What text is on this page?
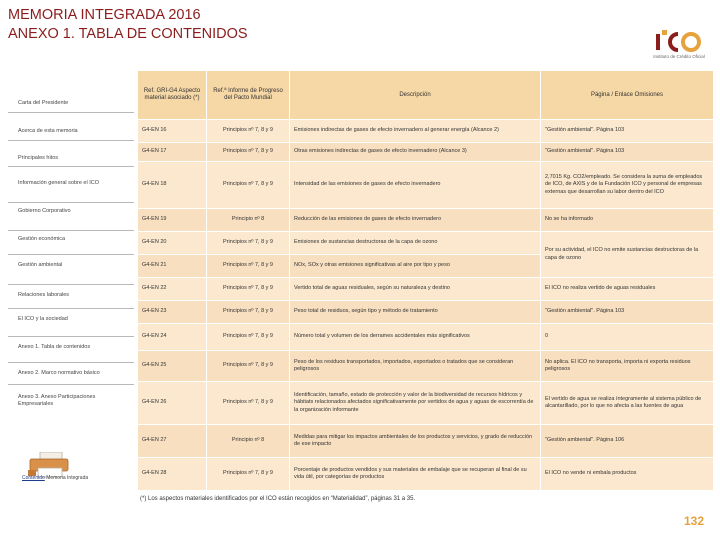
MEMORIA INTEGRADA 2016
ANEXO 1. TABLA DE CONTENIDOS
Instituto de Crédito Oficial
Carta del Presidente
Acerca de esta memoria
Principales hitos
Información general sobre el ICO
Gobierno Corporativo
Gestión económica
Gestión ambiental
Relaciones laborales
El ICO y la sociedad
Anexo 1. Tabla de contenidos
Anexo 2. Marco normativo básico
Anexo 3. Anexo Participaciones Empresariales
Contenido Memoria Integrada
Ref. GRI-G4 Aspecto material asociado (*)	Ref.ª Informe de Progreso del Pacto Mundial	Descripción	Página / Enlace Omisiones
G4-EN 16	Principios nº 7, 8 y 9	Emisiones indirectas de gases de efecto invernadero al generar energía (Alcance 2)	"Gestión ambiental". Página 103
G4-EN 17	Principios nº 7, 8 y 9	Otras emisiones indirectas de gases de efecto invernadero (Alcance 3)	"Gestión ambiental". Página 103
G4-EN 18	Principios nº 7, 8 y 9	Intensidad de las emisiones de gases de efecto invernadero	2,7015 Kg. CO2/empleado. Se considera la suma de empleados de ICO, de AXIS y de la Fundación ICO y personal de empresas externas que desarrollan su labor dentro del ICO
G4-EN 19	Principio nº 8	Reducción de las emisiones de gases de efecto invernadero	No se ha informado
G4-EN 20	Principios nº 7, 8 y 9	Emisiones de sustancias destructoras de la capa de ozono	Por su actividad, el ICO no emite sustancias destructoras de la capa de ozono
G4-EN 21	Principios nº 7, 8 y 9	NOx, SOx y otras emisiones significativas al aire por tipo y peso	
G4-EN 22	Principios nº 7, 8 y 9	Vertido total de aguas residuales, según su naturaleza y destino	El ICO no realiza vertido de aguas residuales
G4-EN 23	Principios nº 7, 8 y 9	Peso total de residuos, según tipo y método de tratamiento	"Gestión ambiental". Página 103
G4-EN 24	Principios nº 7, 8 y 9	Número total y volumen de los derrames accidentales más significativos	0
G4-EN 25	Principios nº 7, 8 y 9	Peso de los residuos transportados, importados, exportados o tratados que se consideran peligrosos	No aplica. El ICO no transporta, importa ni exporta residuos peligrosos
G4-EN 26	Principios nº 7, 8 y 9	Identificación, tamaño, estado de protección y valor de la biodiversidad de recursos hídricos y hábitats relacionados afectados significativamente por vertidos de agua y aguas de escorrentía de la organización informante	El vertido de agua se realiza íntegramente al sistema público de alcantarillado, por lo que no afecta a las fuentes de agua
G4-EN 27	Principio nº 8	Medidas para mitigar los impactos ambientales de los productos y servicios, y grado de reducción de ese impacto	"Gestión ambiental". Página 106
G4-EN 28	Principios nº 7, 8 y 9	Porcentaje de productos vendidos y sus materiales de embalaje que se recuperan al final de su vida útil, por categorías de productos	El ICO no vende ni embala productos
(*) Los aspectos materiales identificados por el ICO están recogidos en “Materialidad”, páginas 31 a 35.
132
